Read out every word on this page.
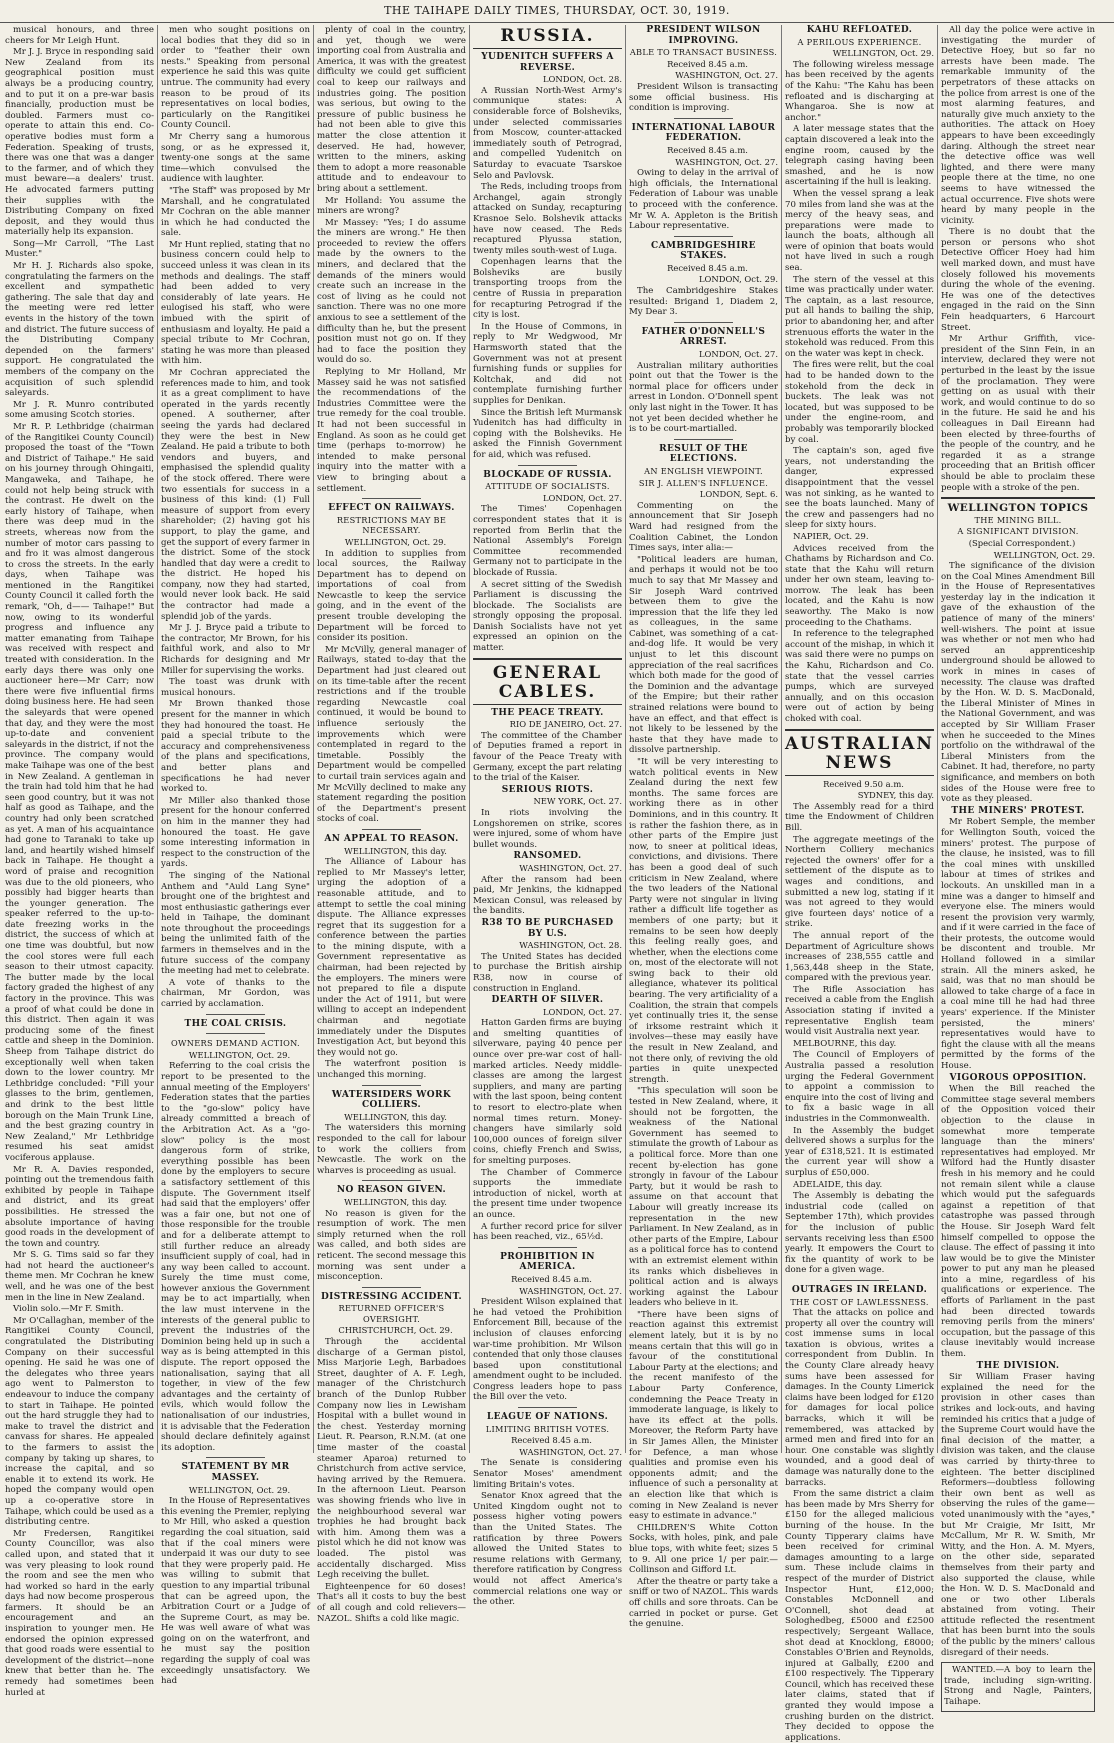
THE TAIHAPE DAILY TIMES, THURSDAY, OCT. 30, 1919.

musical honours, and three cheers for Mr Leigh Hunt.

Mr J. J. Bryce in responding said New Zealand from its geographical position must always be a producing country, and to put it on a pre-war basis financially, production must be doubled. Farmers must co-operate to attain this end. Co-operative bodies must form a Federation. Speaking of trusts, there was one that was a danger to the farmer, and of which they must beware—a dealers' trust. He advocated farmers putting their supplies with the Distributing Company on fixed deposit, and they would thus materially help its expansion.

Song—Mr Carroll, "The Last Muster."

Mr H. J. Richards also spoke, congratulating the farmers on the excellent and sympathetic gathering. The sale that day and the meeting were red letter events in the history of the town and district. The future success of the Distributing Company depended on the farmers' support. He congratulated the members of the company on the acquisition of such splendid saleyards.

Mr J. R. Munro contributed some amusing Scotch stories.

Mr R. P. Lethbridge (chairman of the Rangitikei County Council) proposed the toast of the "Town and District of Taihape." He said on his journey through Ohingaiti, Mangaweka, and Taihape, he could not help being struck with the contrast. He dwelt on the early history of Taihape, when there was deep mud in the streets, whereas now from the number of motor cars passing to and fro it was almost dangerous to cross the streets. In the early days, when Taihape was mentioned in the Rangitikei County Council it called forth the remark, "Oh, d—— Taihape!" But now, owing to its wonderful progress and influence any matter emanating from Taihape was received with respect and treated with consideration. In the early days there was only one auctioneer here—Mr Carr; now there were five influential firms doing business here. He had seen the saleyards that were opened that day, and they were the most up-to-date and convenient saleyards in the district, if not the province. The company would make Taihape was one of the best in New Zealand. A gentleman in the train had told him that he had seen good country, but it was not half as good as Taihape, and the country had only been scratched as yet. A man of his acquaintance had gone to Taranaki to take up land, and heartily wished himself back in Taihape. He thought a word of praise and recognition was due to the old pioneers, who possibly had bigger hearts than the younger generation. The speaker referred to the up-to-date freezing works in the district, the success of which at one time was doubtful, but now the cool stores were full each season to their utmost capacity. The butter made by the local factory graded the highest of any factory in the province. This was a proof of what could be done in this district. Then again it was producing some of the finest cattle and sheep in the Dominion. Sheep from Taihape district do exceptionally well when taken down to the lower country. Mr Lethbridge concluded: "Fill your glasses to the brim, gentlemen, and drink to the best little borough on the Main Trunk Line, and the best grazing country in New Zealand," Mr Lethbridge resumed his seat amidst vociferous applause.

Mr R. A. Davies responded, pointing out the tremendous faith exhibited by people in Taihape and district, and its great possibilities. He stressed the absolute importance of having good roads in the development of the town and country.

Mr S. G. Tims said so far they had not heard the auctioneer's theme men. Mr Cochran he knew well, and he was one of the best men in the line in New Zealand.

Violin solo.—Mr F. Smith.

Mr O'Callaghan, member of the Rangitikei County Council, congratulated the Distributing Company on their successful opening. He said he was one of the delegates who three years ago went to Palmerston to endeavour to induce the company to start in Taihape. He pointed out the hard struggle they had to make to travel the district and canvass for shares. He appealed to the farmers to assist the company by taking up shares, to increase the capital, and so enable it to extend its work. He hoped the company would open up a co-operative store in Taihape, which could be used as a distributing centre.

Mr Fredersen, Rangitikei County Councillor, was also called upon, and stated that it was very pleasing to look round the room and see the men who had worked so hard in the early days had now become prosperous farmers. It should be an encouragement and an inspiration to younger men. He endorsed the opinion expressed that good roads were essential to development of the district—none knew that better than he. The remedy had sometimes been hurled at

men who sought positions on local bodies that they did so in order to "feather their own nests." Speaking from personal experience he said this was quite untrue. The community had every reason to be proud of its representatives on local bodies, particularly on the Rangitikei County Council.

Mr Cherry sang a humorous song, or as he expressed it, twenty-one songs at the same time—which convulsed the audience with laughter.

"The Staff" was proposed by Mr Marshall, and he congratulated Mr Cochran on the able manner in which he had conducted the sale.

Mr Hunt replied, stating that no business concern could help to succeed unless it was clean in its methods and dealings. The staff had been added to very considerably of late years. He eulogised his staff, who were imbued with the spirit of enthusiasm and loyalty. He paid a special tribute to Mr Cochran, stating he was more than pleased with him.

Mr Cochran appreciated the references made to him, and took it as a great compliment to have operated in the yards recently opened. A southerner, after seeing the yards had declared they were the best in New Zealand. He paid a tribute to both vendors and buyers, and emphasised the splendid quality of the stock offered. There were two essentials for success in a business of this kind: (1) Full measure of support from every shareholder; (2) having got his support, to play the game, and get the support of every farmer in the district. Some of the stock handled that day were a credit to the district. He hoped his company, now they had started, would never look back. He said the contractor had made a splendid job of the yards.

Mr J. J. Bryce paid a tribute to the contractor, Mr Brown, for his faithful work, and also to Mr Richards for designing and Mr Miller for supervising the works.

The toast was drunk with musical honours.

Mr Brown thanked those present for the manner in which they had honoured the toast. He paid a special tribute to the accuracy and comprehensiveness of the plans and specifications, and better plans and specifications he had never worked to.

Mr Miller also thanked those present for the honour conferred on him in the manner they had honoured the toast. He gave some interesting information in respect to the construction of the yards.

The singing of the National Anthem and "Auld Lang Syne" brought one of the brightest and most enthusiastic gatherings ever held in Taihape, the dominant note throughout the proceedings being the unlimited faith of the farmers in themselves and in the future success of the company the meeting had met to celebrate.

A vote of thanks to the chairman, Mr Gordon, was carried by acclamation.

THE COAL CRISIS.

OWNERS DEMAND ACTION.

WELLINGTON, Oct. 29.

Referring to the coal crisis the report to be presented to the annual meeting of the Employers' Federation states that the parties to the "go-slow" policy have already committed a breach of the Arbitration Act. As a "go-slow" policy is the most dangerous form of strike, everything possible has been done by the employers to secure a satisfactory settlement of this dispute. The Government itself had said that the employers' offer was a fair one, but not one of those responsible for the trouble and for a deliberate attempt to still further reduce an already insufficient supply of coal, had in any way been called to account. Surely the time must come, however anxious the Government may be to act impartially, when the law must intervene in the interests of the general public to prevent the industries of the Dominion being held up in such a way as is being attempted in this dispute. The report opposed the nationalisation, saying that all together, in view of the few advantages and the certainty of evils, which would follow the nationalisation of our industries, it is advisable that the Federation should declare definitely against its adoption.

STATEMENT BY MR MASSEY.

WELLINGTON, Oct. 29.

In the House of Representatives this evening the Premier, replying to Mr Hill, who asked a question regarding the coal situation, said that if the coal miners were underpaid it was our duty to see that they were properly paid. He was willing to submit that question to any impartial tribunal that can be agreed upon, the Arbitration Court or a Judge of the Supreme Court, as may be. He was well aware of what was going on on the waterfront, and he must say the position regarding the supply of coal was exceedingly unsatisfactory. We had

plenty of coal in the country, and yet, though we were importing coal from Australia and America, it was with the greatest difficulty we could get sufficient coal to keep our railways and industries going. The position was serious, but owing to the pressure of public business he had not been able to give this matter the close attention it deserved. He had, however, written to the miners, asking them to adopt a more reasonable attitude and to endeavour to bring about a settlement.

Mr Holland: You assume the miners are wrong?

Mr Massey: "Yes; I do assume the miners are wrong." He then proceeded to review the offers made by the owners to the miners, and declared that the demands of the miners would create such an increase in the cost of living as he could not sanction. There was no one more anxious to see a settlement of the difficulty than he, but the present position must not go on. If they had to face the position they would do so.

Replying to Mr Holland, Mr Massey said he was not satisfied the recommendations of the Industries Committee were the true remedy for the coal trouble. It had not been successful in England. As soon as he could get time (perhaps to-morrow) he intended to make personal inquiry into the matter with a view to bringing about a settlement.

EFFECT ON RAILWAYS.

RESTRICTIONS MAY BE NECESSARY.

WELLINGTON, Oct. 29.

In addition to supplies from local sources, the Railway Department has to depend on importations of coal from Newcastle to keep the service going, and in the event of the present trouble developing the Department will be forced to consider its position.

Mr McVilly, general manager of Railways, stated to-day that the Department had just cleared out on its time-table after the recent restrictions and if the trouble regarding Newcastle coal continued, it would be bound to influence seriously the improvements which were contemplated in regard to the timetable. Possibly the Department would be compelled to curtail train services again and Mr McVilly declined to make any statement regarding the position of the Department's present stocks of coal.

AN APPEAL TO REASON.

WELLINGTON, this day.

The Alliance of Labour has replied to Mr Massey's letter, urging the adoption of a reasonable attitude, and to attempt to settle the coal mining dispute. The Alliance expresses regret that its suggestion for a conference between the parties to the mining dispute, with a Government representative as chairman, had been rejected by the employers. The miners were not prepared to file a dispute under the Act of 1911, but were willing to accept an independent chairman and negotiate immediately under the Disputes Investigation Act, but beyond this they would not go.

The waterfront position is unchanged this morning.

WATERSIDERS WORK COLLIERS.

WELLINGTON, this day.

The watersiders this morning responded to the call for labour to work the colliers from Newcastle. The work on the wharves is proceeding as usual.

NO REASON GIVEN.

WELLINGTON, this day.

No reason is given for the resumption of work. The men simply returned when the roll was called, and both sides are reticent. The second message this morning was sent under a misconception.

DISTRESSING ACCIDENT.

RETURNED OFFICER'S OVERSIGHT.

CHRISTCHURCH, Oct. 29.

Through the accidental discharge of a German pistol, Miss Marjorie Legh, Barbadoes Street, daughter of A. F. Legh, manager of the Christchurch branch of the Dunlop Rubber Company now lies in Lewisham Hospital with a bullet wound in the chest. Yesterday morning Lieut. R. Pearson, R.N.M. (at one time master of the coastal steamer Aparoa) returned to Christchurch from active service, having arrived by the Remuera. In the afternoon Lieut. Pearson was showing friends who live in the neighbourhood several war trophies he had brought back with him. Among them was a pistol which he did not know was loaded. The pistol was accidentally discharged. Miss Legh receiving the bullet.

Eighteenpence for 60 doses! That's all it costs to buy the best of all cough and cold relievers—NAZOL. Shifts a cold like magic.

RUSSIA.

YUDENITCH SUFFERS A REVERSE.

LONDON, Oct. 28.

A Russian North-West Army's communique states: A considerable force of Bolsheviks, under selected commissaries from Moscow, counter-attacked immediately south of Petrograd, and compelled Yudenitch on Saturday to evacuate Tsarskoe Selo and Pavlovsk.

The Reds, including troops from Archangel, again strongly attacked on Sunday, recapturing Krasnoe Selo. Bolshevik attacks have now ceased. The Reds recaptured Plyussa station, twenty miles south-west of Luga.

Copenhagen learns that the Bolsheviks are busily transporting troops from the centre of Russia in preparation for recapturing Petrograd if the city is lost.

In the House of Commons, in reply to Mr Wedgwood, Mr Harmsworth stated that the Government was not at present furnishing funds or supplies for Koltchak, and did not contemplate furnishing further supplies for Denikan.

Since the British left Murmansk Yudenitch has had difficulty in coping with the Bolsheviks. He asked the Finnish Government for aid, which was refused.

BLOCKADE OF RUSSIA.

ATTITUDE OF SOCIALISTS.

LONDON, Oct. 27.

The Times' Copenhagen correspondent states that it is reported from Berlin that the National Assembly's Foreign Committee recommended Germany not to participate in the blockade of Russia.

A secret sitting of the Swedish Parliament is discussing the blockade. The Socialists are strongly opposing the proposal. Danish Socialists have not yet expressed an opinion on the matter.

GENERAL CABLES.

THE PEACE TREATY.

RIO DE JANEIRO, Oct. 27.

The committee of the Chamber of Deputies framed a report in favour of the Peace Treaty with Germany, except the part relating to the trial of the Kaiser.

SERIOUS RIOTS.

NEW YORK, Oct. 27.

In riots involving the Longshoremen on strike, scores were injured, some of whom have bullet wounds.

RANSOMED.

WASHINGTON, Oct. 27.

After the ransom had been paid, Mr Jenkins, the kidnapped Mexican Consul, was released by the bandits.

R38 TO BE PURCHASED BY U.S.

WASHINGTON, Oct. 28.

The United States has decided to purchase the British airship R38, now in course of construction in England.

DEARTH OF SILVER.

LONDON, Oct. 27.

Hatton Garden firms are buying and smelting quantities of silverware, paying 40 pence per ounce over pre-war cost of hall-marked articles. Needy middle-classes are among the largest suppliers, and many are parting with the last spoon, being content to resort to electro-plate when normal times return. Money-changers have similarly sold 100,000 ounces of foreign silver coins, chiefly French and Swiss, for smelting purposes.

The Chamber of Commerce supports the immediate introduction of nickel, worth at the present time under twopence an ounce.

A further record price for silver has been reached, viz., 65½d.

PROHIBITION IN AMERICA.

Received 8.45 a.m.

WASHINGTON, Oct. 27.

President Wilson explained that he had vetoed the Prohibition Enforcement Bill, because of the inclusion of clauses enforcing war-time prohibition. Mr Wilson contended that only those clauses based upon constitutional amendment ought to be included. Congress leaders hope to pass the Bill over the veto.

LEAGUE OF NATIONS.

LIMITING BRITISH VOTES.

Received 8.45 a.m.

WASHINGTON, Oct. 27.

The Senate is considering Senator Moses' amendment limiting Britain's votes.

Senator Knox agreed that the United Kingdom ought not to possess higher voting powers than the United States. The ratification by three Powers allowed the United States to resume relations with Germany, therefore ratification by Congress would not affect America's commercial relations one way or the other.

PRESIDENT WILSON IMPROVING.

ABLE TO TRANSACT BUSINESS.

Received 8.45 a.m.

WASHINGTON, Oct. 27.

President Wilson is transacting some official business. His condition is improving.

INTERNATIONAL LABOUR FEDERATION.

Received 8.45 a.m.

WASHINGTON, Oct. 27.

Owing to delay in the arrival of high officials, the International Federation of Labour was unable to proceed with the conference. Mr W. A. Appleton is the British Labour representative.

CAMBRIDGESHIRE STAKES.

Received 8.45 a.m.

LONDON, Oct. 29.

The Cambridgeshire Stakes resulted: Brigand 1, Diadem 2, My Dear 3.

FATHER O'DONNELL'S ARREST.

LONDON, Oct. 27.

Australian military authorities point out that the Tower is the normal place for officers under arrest in London. O'Donnell spent only last night in the Tower. It has not yet been decided whether he is to be court-martialled.

RESULT OF THE ELECTIONS.

AN ENGLISH VIEWPOINT.

SIR J. ALLEN'S INFLUENCE.

LONDON, Sept. 6.

Commenting on the announcement that Sir Joseph Ward had resigned from the Coalition Cabinet, the London Times says, inter alia:—

"Political leaders are human, and perhaps it would not be too much to say that Mr Massey and Sir Joseph Ward contrived between them to give the impression that the life they led as colleagues, in the same Cabinet, was something of a cat-and-dog life. It would be very unjust to let this discount appreciation of the real sacrifices which both made for the good of the Dominion and the advantage of the Empire; but their rather strained relations were bound to have an effect, and that effect is not likely to be lessened by the haste that they have made to dissolve partnership.

"It will be very interesting to watch political events in New Zealand during the next few months. The same forces are working there as in other Dominions, and in this country. It is rather the fashion there, as in other parts of the Empire just now, to sneer at political ideas, convictions, and divisions. There has been a good deal of such criticism in New Zealand, where the two leaders of the National Party were not singular in living rather a difficult life together as members of one party; but it remains to be seen how deeply this feeling really goes, and whether, when the elections come on, most of the electorate will not swing back to their old allegiance, whatever its political bearing. The very artificiality of a Coalition, the strain that compels yet continually tries it, the sense of irksome restraint which it involves—these may easily have the result in New Zealand, and not there only, of reviving the old parties in quite unexpected strength.

"This speculation will soon be tested in New Zealand, where, it should not be forgotten, the weakness of the National Government has seemed to stimulate the growth of Labour as a political force. More than one recent by-election has gone strongly in favour of the Labour Party, but it would be rash to assume on that account that Labour will greatly increase its representation in the new Parliament. In New Zealand, as in other parts of the Empire, Labour as a political force has to contend with an extremist element within its ranks which disbelieves in political action and is always working against the Labour leaders who believe in it.

"There have been signs of reaction against this extremist element lately, but it is by no means certain that this will go in favour of the constitutional Labour Party at the elections; and the recent manifesto of the Labour Party Conference, condemning the Peace Treaty in immoderate language, is likely to have its effect at the polls. Moreover, the Reform Party have in Sir James Allen, the Minister for Defence, a man whose qualities and promise even his opponents admit; and the influence of such a personality at an election like that which is coming in New Zealand is never easy to estimate in advance."

CHILDREN'S White Cotton Socks, with holes, pink, and pale blue tops, with white feet; sizes 5 to 9. All one price 1/ per pair.—Collinson and Gifford Lt.

After the theatre or party take a sniff or two of NAZOL. This wards off chills and sore throats. Can be carried in pocket or purse. Get the genuine.

KAHU REFLOATED.

A PERILOUS EXPERIENCE.

WELLINGTON, Oct. 29.

The following wireless message has been received by the agents of the Kahu: "The Kahu has been refloated and is discharging at Whangaroa. She is now at anchor."

A later message states that the captain discovered a leak into the engine room, caused by the telegraph casing having been smashed, and he is now ascertaining if the hull is leaking.

When the vessel sprang a leak 70 miles from land she was at the mercy of the heavy seas, and preparations were made to launch the boats, although all were of opinion that boats would not have lived in such a rough sea.

The stern of the vessel at this time was practically under water. The captain, as a last resource, put all hands to bailing the ship, prior to abandoning her, and after strenuous efforts the water in the stokehold was reduced. From this on the water was kept in check.

The fires were relit, but the coal had to be handed down to the stokehold from the deck in buckets. The leak was not located, but was supposed to be under the engine-room, and probably was temporarily blocked by coal.

The captain's son, aged five years, not understanding the danger, expressed disappointment that the vessel was not sinking, as he wanted to see the boats launched. Many of the crew and passengers had no sleep for sixty hours.

NAPIER, Oct. 29.

Advices received from the Chathams by Richardson and Co. state that the Kahu will return under her own steam, leaving to-morrow. The leak has been located, and the Kahu is now seaworthy. The Mako is now proceeding to the Chathams.

In reference to the telegraphed account of the mishap, in which it was said there were no pumps on the Kahu, Richardson and Co. state that the vessel carries pumps, which are surveyed annually, and on this occasion were out of action by being choked with coal.

AUSTRALIAN NEWS

Received 9.50 a.m.

SYDNEY, this day.

The Assembly read for a third time the Endowment of Children Bill.

The aggregate meetings of the Northern Colliery mechanics rejected the owners' offer for a settlement of the dispute as to wages and conditions, and submitted a new log, stating if it was not agreed to they would give fourteen days' notice of a strike.

The annual report of the Department of Agriculture shows increases of 238,555 cattle and 1,563,448 sheep in the State, compared with the previous year.

The Rifle Association has received a cable from the English Association stating if invited a representative English team would visit Australia next year.

MELBOURNE, this day.

The Council of Employers of Australia passed a resolution urging the Federal Government to appoint a commission to enquire into the cost of living and to fix a basic wage in all industries in the Commonwealth.

In the Assembly the budget delivered shows a surplus for the year of £318,521. It is estimated the current year will show a surplus of £50,000.

ADELAIDE, this day.

The Assembly is debating the industrial code (called on September 17th), which provides for the inclusion of public servants receiving less than £500 yearly. It empowers the Court to fix the quantity of work to be done for a given wage.

OUTRAGES IN IRELAND.

THE COST OF LAWLESSNESS.

That the attacks on police and property all over the country will cost immense sums in local taxation is obvious, writes a correspondent from Dublin. In the County Clare already heavy sums have been assessed for damages. In the County Limerick claims have been lodged for £120 for damages for local police barracks, which it will be remembered, was attacked by armed men and fired into for an hour. One constable was slightly wounded, and a good deal of damage was naturally done to the barracks.

From the same district a claim has been made by Mrs Sherry for £150 for the alleged malicious burning of the house. In the County Tipperary claims have been received for criminal damages amounting to a large sum. These include claims in respect of the murder of District Inspector Hunt, £12,000; Constables McDonnell and O'Connell, shot dead at Sologhedbeg, £5000 and £2500 respectively; Sergeant Wallace, shot dead at Knocklong, £8000; Constables O'Brien and Reynolds, injured at Galbally, £200 and £100 respectively. The Tipperary Council, which has received these later claims, stated that if granted they would impose a crushing burden on the district. They decided to oppose the applications.

All day the police were active in investigating the murder of Detective Hoey, but so far no arrests have been made. The remarkable immunity of the perpetrators of these attacks on the police from arrest is one of the most alarming features, and naturally give much anxiety to the authorities. The attack on Hoey appears to have been exceedingly daring. Although the street near the detective office was well lighted, and there were many people there at the time, no one seems to have witnessed the actual occurrence. Five shots were heard by many people in the vicinity.

There is no doubt that the person or persons who shot Detective Officer Hoey had him well marked down, and must have closely followed his movements during the whole of the evening. He was one of the detectives engaged in the raid on the Sinn Fein headquarters, 6 Harcourt Street.

Mr Arthur Griffith, vice-president of the Sinn Fein, in an interview, declared they were not perturbed in the least by the issue of the proclamation. They were getting on as usual with their work, and would continue to do so in the future. He said he and his colleagues in Dail Eireann had been elected by three-fourths of the people of the country, and he regarded it as a strange proceeding that an British officer should be able to proclaim these people with a stroke of the pen.

WELLINGTON TOPICS

THE MINING BILL.

A SIGNIFICANT DIVISION.

(Special Correspondent.)

WELLINGTON, Oct. 29.

The significance of the division on the Coal Mines Amendment Bill in the House of Representatives yesterday lay in the indication it gave of the exhaustion of the patience of many of the miners' well-wishers. The point at issue was whether or not men who had served an apprenticeship underground should be allowed to work in mines in cases of necessity. The clause was drafted by the Hon. W. D. S. MacDonald, the Liberal Minister of Mines in the National Government, and was accepted by Sir William Fraser when he succeeded to the Mines portfolio on the withdrawal of the Liberal Ministers from the Cabinet. It had, therefore, no party significance, and members on both sides of the House were free to vote as they pleased.

THE MINERS' PROTEST.

Mr Robert Semple, the member for Wellington South, voiced the miners' protest. The purpose of the clause, he insisted, was to fill the coal mines with unskilled labour at times of strikes and lockouts. An unskilled man in a mine was a danger to himself and everyone else. The miners would resent the provision very warmly, and if it were carried in the face of their protests, the outcome would be discontent and trouble. Mr Holland followed in a similar strain. All the miners asked, he said, was that no man should be allowed to take charge of a face in a coal mine till he had had three years' experience. If the Minister persisted, the miners' representatives would have to fight the clause with all the means permitted by the forms of the House.

VIGOROUS OPPOSITION.

When the Bill reached the Committee stage several members of the Opposition voiced their objection to the clause in somewhat more temperate language than the miners' representatives had employed. Mr Wilford had the Huntly disaster fresh in his memory and he could not remain silent while a clause which would put the safeguards against a repetition of that catastrophe was passed through the House. Sir Joseph Ward felt himself compelled to oppose the clause. The effect of passing it into law would be to give the Minister power to put any man he pleased into a mine, regardless of his qualifications or experience. The efforts of Parliament in the past had been directed towards removing perils from the miners' occupation, but the passage of this clause inevitably would increase them.

THE DIVISION.

Sir William Fraser having explained the need for the provision in other cases than strikes and lock-outs, and having reminded his critics that a judge of the Supreme Court would have the final decision of the matter, a division was taken, and the clause was carried by thirty-three to eighteen. The better disciplined Reformers—doubtless following their own bent as well as observing the rules of the game—voted unanimously with the "ayes," but Mr Craigie, Mr Isitt, Mr McCallum, Mr R. W. Smith, Mr Witty, and the Hon. A. M. Myers, on the other side, separated themselves from their party and also supported the clause, while the Hon. W. D. S. MacDonald and one or two other Liberals abstained from voting. Their attitude reflected the resentment that has been burnt into the souls of the public by the miners' callous disregard of their needs.

WANTED.—A boy to learn the trade, including sign-writing. Strong and Nagle, Painters, Taihape.
